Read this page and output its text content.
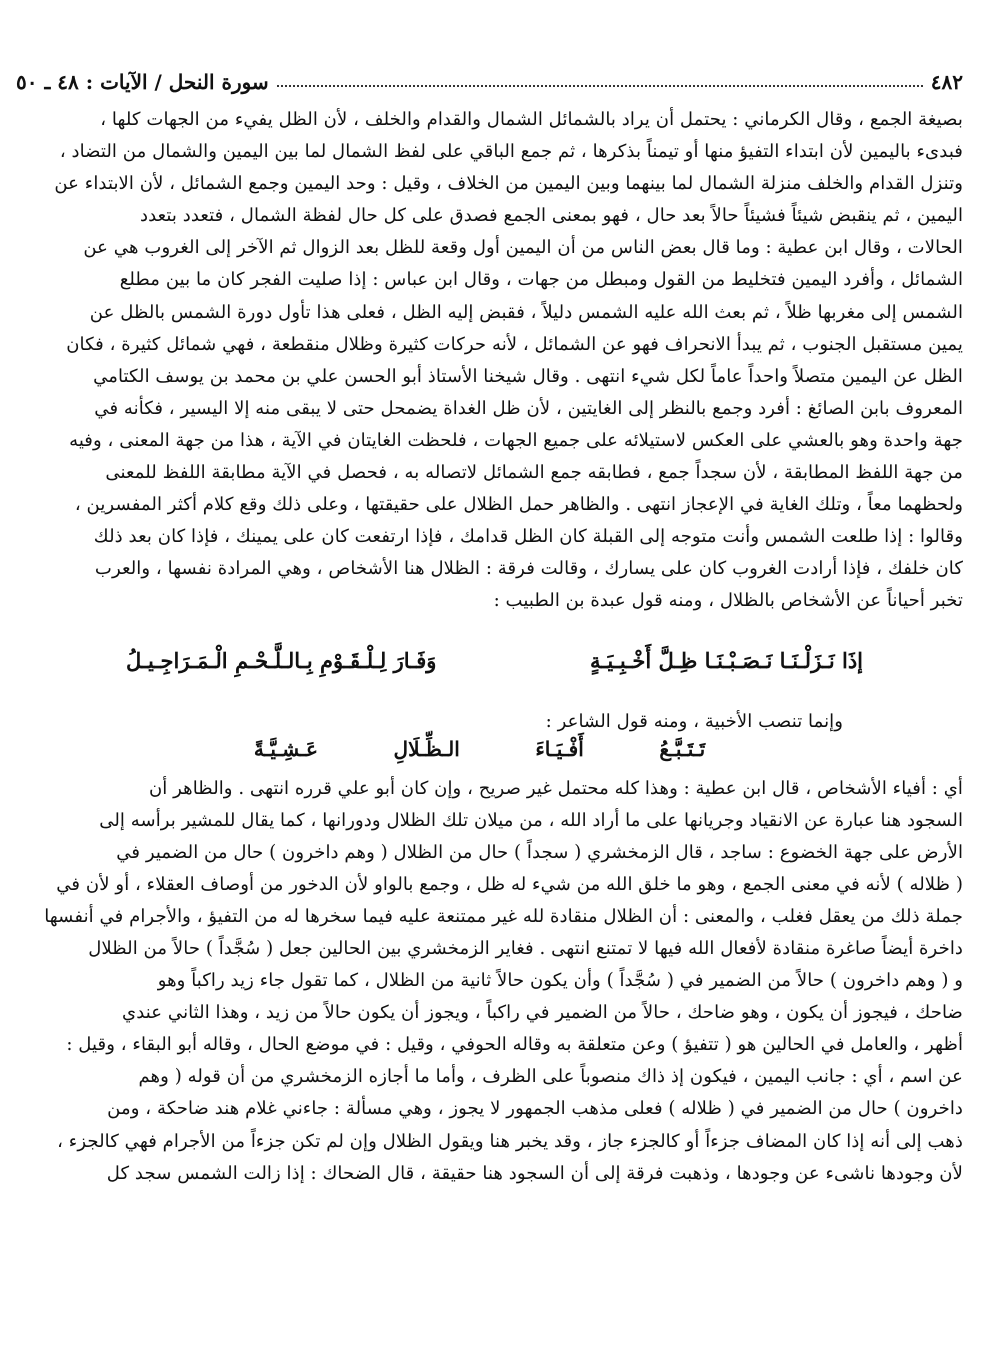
٤٨٢
سورة النحل / الآيات : ٤٨ ـ ٥٠

بصيغة الجمع ، وقال الكرماني : يحتمل أن يراد بالشمائل الشمال والقدام والخلف ، لأن الظل يفيء من الجهات كلها ،

فبدىء باليمين لأن ابتداء التفيؤ منها أو تيمناً بذكرها ، ثم جمع الباقي على لفظ الشمال لما بين اليمين والشمال من التضاد ،

وتنزل القدام والخلف منزلة الشمال لما بينهما وبين اليمين من الخلاف ، وقيل : وحد اليمين وجمع الشمائل ، لأن الابتداء عن

اليمين ، ثم ينقبض شيئاً فشيئاً حالاً بعد حال ، فهو بمعنى الجمع فصدق على كل حال لفظة الشمال ، فتعدد بتعدد

الحالات ، وقال ابن عطية : وما قال بعض الناس من أن اليمين أول وقعة للظل بعد الزوال ثم الآخر إلى الغروب هي عن

الشمائل ، وأفرد اليمين فتخليط من القول ومبطل من جهات ، وقال ابن عباس : إذا صليت الفجر كان ما بين مطلع

الشمس إلى مغربها ظلاً ، ثم بعث الله عليه الشمس دليلاً ، فقبض إليه الظل ، فعلى هذا تأول دورة الشمس بالظل عن

يمين مستقبل الجنوب ، ثم يبدأ الانحراف فهو عن الشمائل ، لأنه حركات كثيرة وظلال منقطعة ، فهي شمائل كثيرة ، فكان

الظل عن اليمين متصلاً واحداً عاماً لكل شيء انتهى . وقال شيخنا الأستاذ أبو الحسن علي بن محمد بن يوسف الكتامي

المعروف بابن الصائغ : أفرد وجمع بالنظر إلى الغايتين ، لأن ظل الغداة يضمحل حتى لا يبقى منه إلا اليسير ، فكأنه في

جهة واحدة وهو بالعشي على العكس لاستيلائه على جميع الجهات ، فلحظت الغايتان في الآية ، هذا من جهة المعنى ، وفيه

من جهة اللفظ المطابقة ، لأن سجداً جمع ، فطابقه جمع الشمائل لاتصاله به ، فحصل في الآية مطابقة اللفظ للمعنى

ولحظهما معاً ، وتلك الغاية في الإعجاز انتهى . والظاهر حمل الظلال على حقيقتها ، وعلى ذلك وقع كلام أكثر المفسرين ،

وقالوا : إذا طلعت الشمس وأنت متوجه إلى القبلة كان الظل قدامك ، فإذا ارتفعت كان على يمينك ، فإذا كان بعد ذلك

كان خلفك ، فإذا أرادت الغروب كان على يسارك ، وقالت فرقة : الظلال هنا الأشخاص ، وهي المرادة نفسها ، والعرب

تخبر أحياناً عن الأشخاص بالظلال ، ومنه قول عبدة بن الطبيب :

إذَا نَـزَلْـنَـا نَـصَـبْـنَـا ظِـلَّ أَخْـبِـيَـةٍ
وَفَـارَ لِـلْـقَـوْمِ بِـالـلَّـحْـمِ الْـمَـرَاجِـيـلُ
وإنما تنصب الأخبية ، ومنه قول الشاعر :
تَـتَـبَّـعُ
أَفْـيَـاءَ
الـظِّـلَالِ
عَـشِـيَّـةً

أي : أفياء الأشخاص ، قال ابن عطية : وهذا كله محتمل غير صريح ، وإن كان أبو علي قرره انتهى . والظاهر أن

السجود هنا عبارة عن الانقياد وجريانها على ما أراد الله ، من ميلان تلك الظلال ودورانها ، كما يقال للمشير برأسه إلى

الأرض على جهة الخضوع : ساجد ، قال الزمخشري ( سجداً ) حال من الظلال ( وهم داخرون ) حال من الضمير في

( ظلاله ) لأنه في معنى الجمع ، وهو ما خلق الله من شيء له ظل ، وجمع بالواو لأن الدخور من أوصاف العقلاء ، أو لأن في

جملة ذلك من يعقل فغلب ، والمعنى : أن الظلال منقادة لله غير ممتنعة عليه فيما سخرها له من التفيؤ ، والأجرام في أنفسها

داخرة أيضاً صاغرة منقادة لأفعال الله فيها لا تمتنع انتهى . فغاير الزمخشري بين الحالين جعل ( سُجَّداً ) حالاً من الظلال

و ( وهم داخرون ) حالاً من الضمير في ( سُجَّداً ) وأن يكون حالاً ثانية من الظلال ، كما تقول جاء زيد راكباً وهو

ضاحك ، فيجوز أن يكون ، وهو ضاحك ، حالاً من الضمير في راكباً ، ويجوز أن يكون حالاً من زيد ، وهذا الثاني عندي

أظهر ، والعامل في الحالين هو ( تتفيؤ ) وعن متعلقة به وقاله الحوفي ، وقيل : في موضع الحال ، وقاله أبو البقاء ، وقيل :

عن اسم ، أي : جانب اليمين ، فيكون إذ ذاك منصوباً على الظرف ، وأما ما أجازه الزمخشري من أن قوله ( وهم

داخرون ) حال من الضمير في ( ظلاله ) فعلى مذهب الجمهور لا يجوز ، وهي مسألة : جاءني غلام هند ضاحكة ، ومن

ذهب إلى أنه إذا كان المضاف جزءاً أو كالجزء جاز ، وقد يخبر هنا ويقول الظلال وإن لم تكن جزءاً من الأجرام فهي كالجزء ،

لأن وجودها ناشىء عن وجودها ، وذهبت فرقة إلى أن السجود هنا حقيقة ، قال الضحاك : إذا زالت الشمس سجد كل
